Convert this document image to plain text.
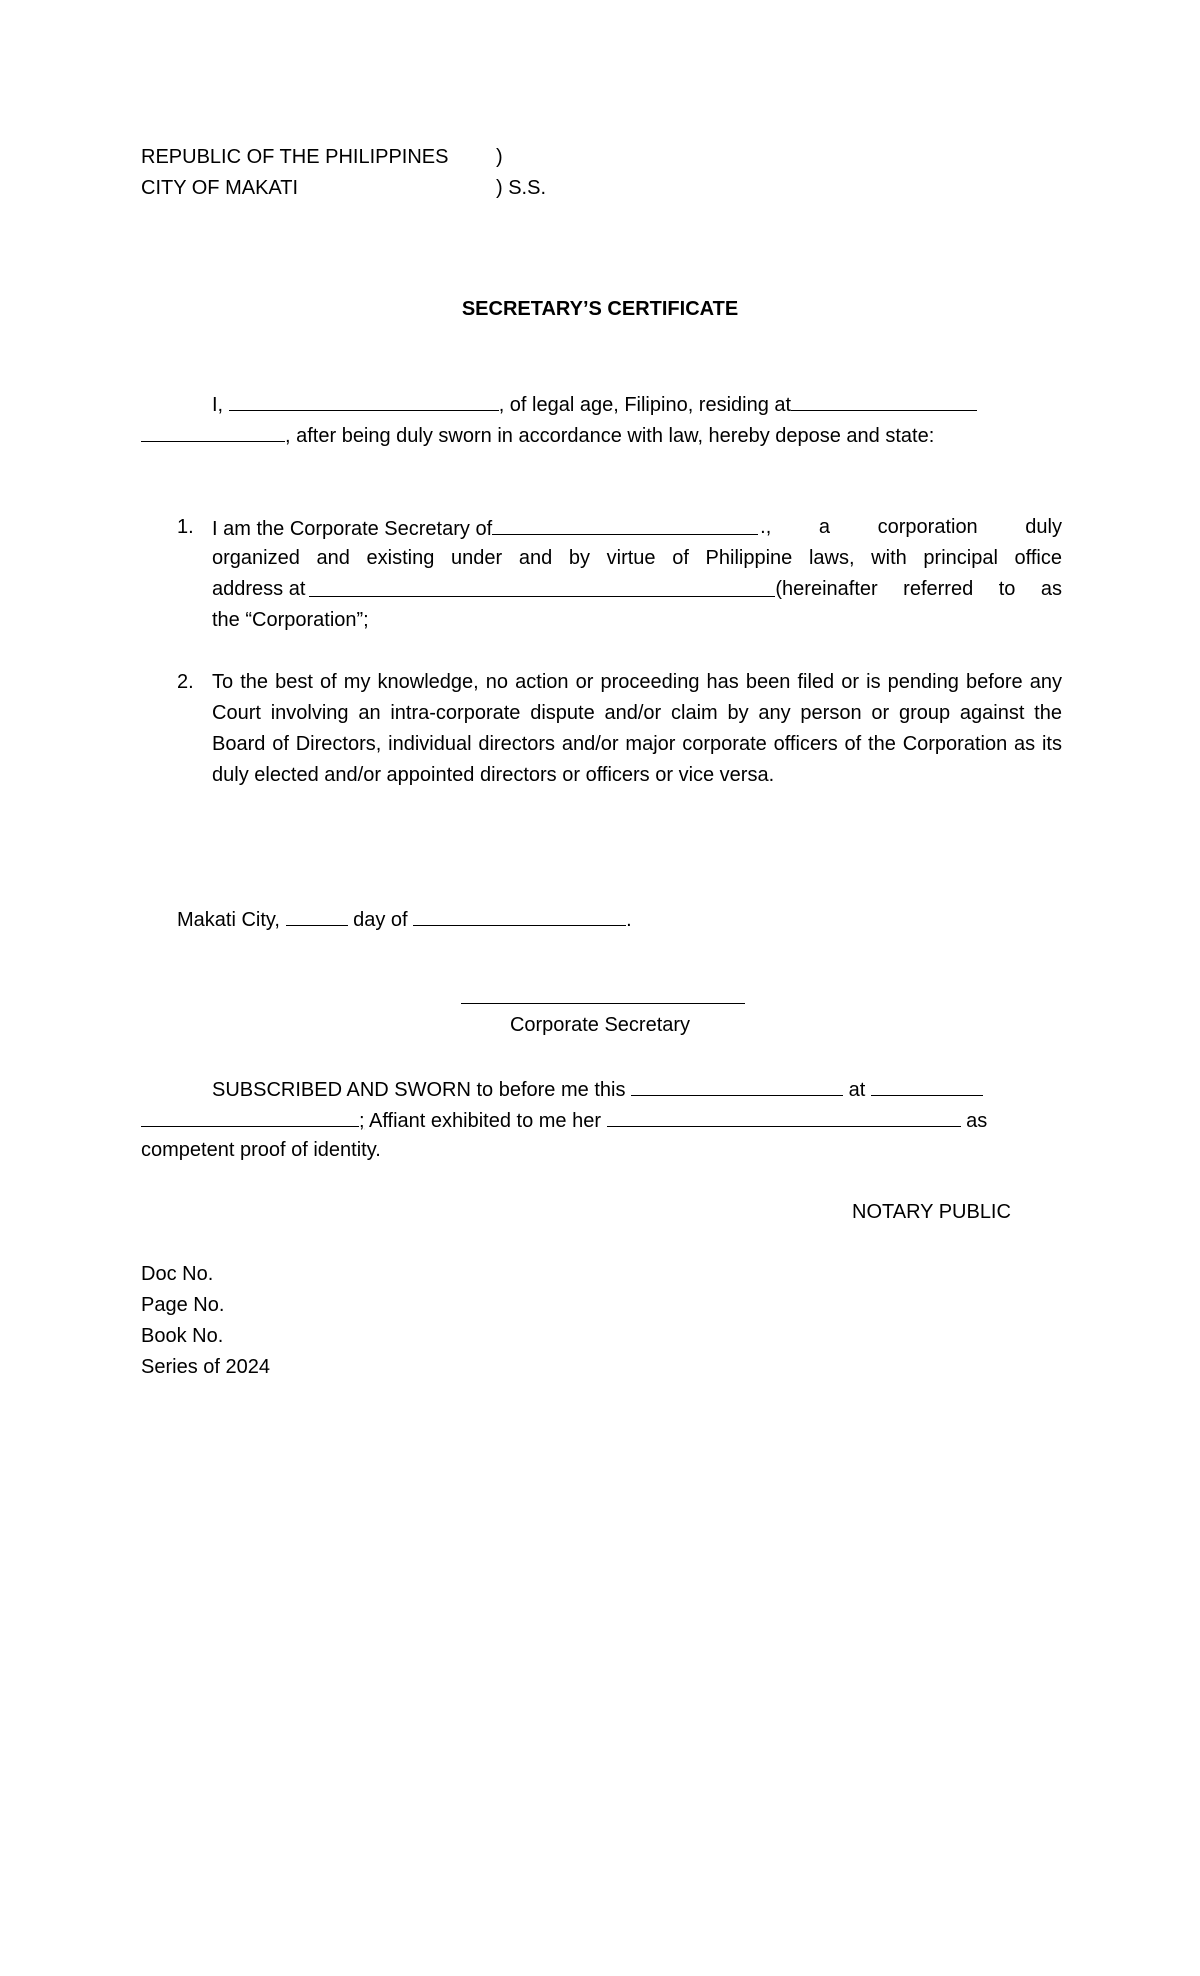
REPUBLIC OF THE PHILIPPINES )
CITY OF MAKATI	) S.S.
SECRETARY’S CERTIFICATE
I,	, of legal age, Filipino, residing at
, after being duly sworn in accordance with law, hereby depose and state:
1. I am the Corporate Secretary of	., a corporation duly
organized and existing under and by virtue of Philippine laws, with principal office
address at	(hereinafter referred to as
the “Corporation”;
2. To the best of my knowledge, no action or proceeding has been filed or is pending before any Court involving an intra-corporate dispute and/or claim by any person or group against the Board of Directors, individual directors and/or major corporate officers of the Corporation as its duly elected and/or appointed directors or officers or vice versa.
Makati City,	day of	.
Corporate Secretary
SUBSCRIBED AND SWORN to before me this	at
; Affiant exhibited to me her	as
competent proof of identity.
NOTARY PUBLIC
Doc No.
Page No.
Book No.
Series of 2024
